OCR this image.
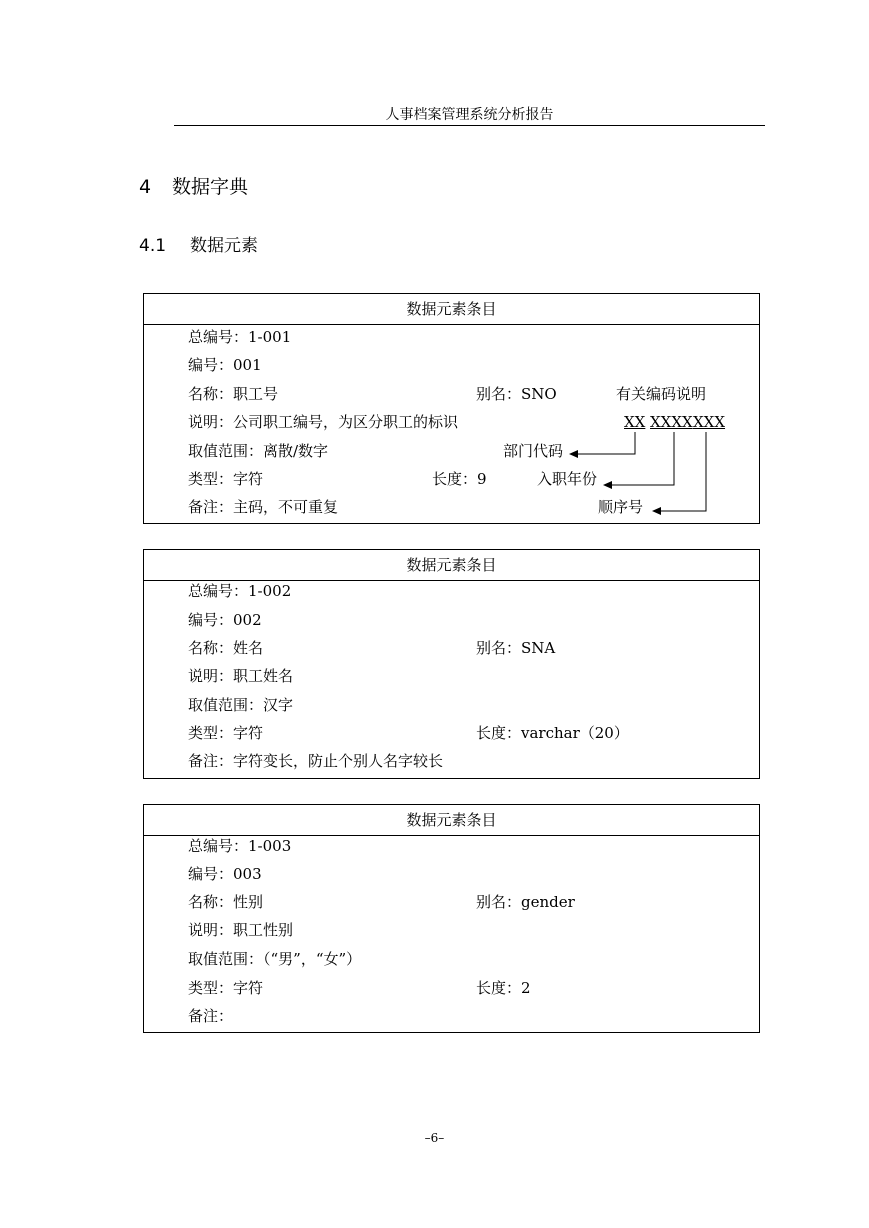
人事档案管理系统分析报告
4 数据字典
4.1 数据元素
数据元素条目
总编号：1-001
编号：001
名称：职工号	别名：SNO	有关编码说明
说明：公司职工编号，为区分职工的标识	XX XXXX XXX
取值范围：离散/数字	部门代码
类型：字符	长度：9	入职年份
备注：主码，不可重复	顺序号
数据元素条目
总编号：1-002
编号：002
名称：姓名	别名：SNA
说明：职工姓名
取值范围：汉字
类型：字符	长度：varchar（20）
备注：字符变长，防止个别人名字较长
数据元素条目
总编号：1-003
编号：003
名称：性别	别名：gender
说明：职工性别
取值范围：（“男”，“女”）
类型：字符	长度：2
备注：
–6–
